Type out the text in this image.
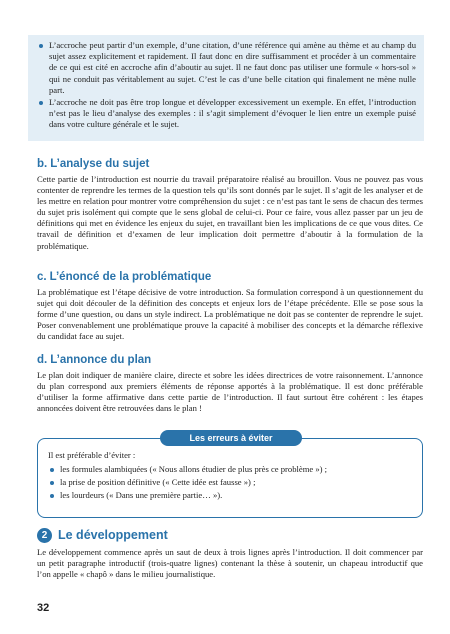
L’accroche peut partir d’un exemple, d’une citation, d’une référence qui amène au thème et au champ du sujet assez explicitement et rapidement. Il faut donc en dire suffisamment et procéder à un commentaire de ce qui est cité en accroche afin d’aboutir au sujet. Il ne faut donc pas utiliser une formule « hors-sol » qui ne conduit pas véritablement au sujet. C’est le cas d’une belle citation qui finalement ne mène nulle part.
L’accroche ne doit pas être trop longue et développer excessivement un exemple. En effet, l’introduction n’est pas le lieu d’analyse des exemples : il s’agit simplement d’évoquer le lien entre un exemple puisé dans votre culture générale et le sujet.
b. L’analyse du sujet

Cette partie de l’introduction est nourrie du travail préparatoire réalisé au brouillon. Vous ne pouvez pas vous contenter de reprendre les termes de la question tels qu’ils sont donnés par le sujet. Il s’agit de les analyser et de les mettre en relation pour montrer votre compréhension du sujet : ce n’est pas tant le sens de chacun des termes du sujet pris isolément qui compte que le sens global de celui-ci. Pour ce faire, vous allez passer par un jeu de définitions qui met en évidence les enjeux du sujet, en travaillant bien les implications de ce que vous dites. Ce travail de définition et d’examen de leur implication doit permettre d’aboutir à la formulation de la problématique.

c. L’énoncé de la problématique

La problématique est l’étape décisive de votre introduction. Sa formulation correspond à un questionnement du sujet qui doit découler de la définition des concepts et enjeux lors de l’étape précédente. Elle se pose sous la forme d’une question, ou dans un style indirect. La problématique ne doit pas se contenter de reprendre le sujet. Poser convenablement une problématique prouve la capacité à mobiliser des concepts et la démarche réflexive du candidat face au sujet.

d. L’annonce du plan

Le plan doit indiquer de manière claire, directe et sobre les idées directrices de votre raisonnement. L’annonce du plan correspond aux premiers éléments de réponse apportés à la problématique. Il est donc préférable d’utiliser la forme affirmative dans cette partie de l’introduction. Il faut surtout être cohérent : les étapes annoncées doivent être retrouvées dans le plan !

Les erreurs à éviter

Il est préférable d’éviter :

les formules alambiquées (« Nous allons étudier de plus près ce problème ») ;
la prise de position définitive (« Cette idée est fausse ») ;
les lourdeurs (« Dans une première partie… »).
2 Le développement

Le développement commence après un saut de deux à trois lignes après l’introduction. Il doit commencer par un petit paragraphe introductif (trois-quatre lignes) contenant la thèse à soutenir, un chapeau introductif que l’on appelle « chapô » dans le milieu journalistique.

32
